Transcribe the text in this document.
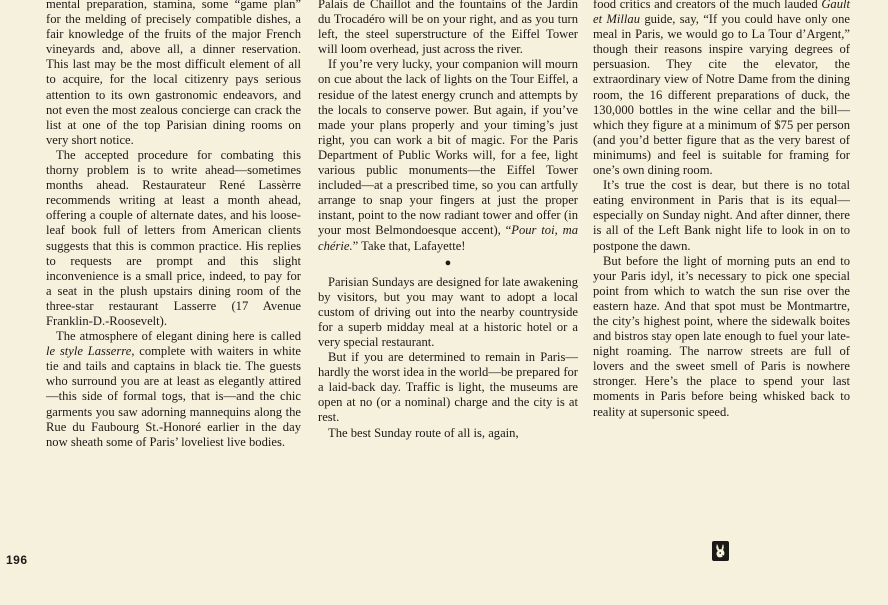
mental preparation, stamina, some “game plan” for the melding of precisely compatible dishes, a fair knowledge of the fruits of the major French vineyards and, above all, a dinner reservation. This last may be the most difficult element of all to acquire, for the local citizenry pays serious attention to its own gastronomic endeavors, and not even the most zealous concierge can crack the list at one of the top Parisian dining rooms on very short notice.

The accepted procedure for combating this thorny problem is to write ahead—sometimes months ahead. Restaurateur René Lassèrre recommends writing at least a month ahead, offering a couple of alternate dates, and his loose-leaf book full of letters from American clients suggests that this is common practice. His replies to requests are prompt and this slight inconvenience is a small price, indeed, to pay for a seat in the plush upstairs dining room of the three-star restaurant Lasserre (17 Avenue Franklin-D.-Roosevelt).

The atmosphere of elegant dining here is called le style Lasserre, complete with waiters in white tie and tails and captains in black tie. The guests who surround you are at least as elegantly attired—this side of formal togs, that is—and the chic garments you saw adorning mannequins along the Rue du Faubourg St.-Honoré earlier in the day now sheath some of Paris’ loveliest live bodies.

Palais de Chaillot and the fountains of the Jardin du Trocadéro will be on your right, and as you turn left, the steel superstructure of the Eiffel Tower will loom overhead, just across the river.

If you’re very lucky, your companion will mourn on cue about the lack of lights on the Tour Eiffel, a residue of the latest energy crunch and attempts by the locals to conserve power. But again, if you’ve made your plans properly and your timing’s just right, you can work a bit of magic. For the Paris Department of Public Works will, for a fee, light various public monuments—the Eiffel Tower included—at a prescribed time, so you can artfully arrange to snap your fingers at just the proper instant, point to the now radiant tower and offer (in your most Belmondoesque accent), “Pour toi, ma chérie.” Take that, Lafayette!

●

Parisian Sundays are designed for late awakening by visitors, but you may want to adopt a local custom of driving out into the nearby countryside for a superb midday meal at a historic hotel or a very special restaurant.

But if you are determined to remain in Paris—hardly the worst idea in the world—be prepared for a laid-back day. Traffic is light, the museums are open at no (or a nominal) charge and the city is at rest.

The best Sunday route of all is, again,

food critics and creators of the much lauded Gault et Millau guide, say, “If you could have only one meal in Paris, we would go to La Tour d’Argent,” though their reasons inspire varying degrees of persuasion. They cite the elevator, the extraordinary view of Notre Dame from the dining room, the 16 different preparations of duck, the 130,000 bottles in the wine cellar and the bill—which they figure at a minimum of $75 per person (and you’d better figure that as the very barest of minimums) and feel is suitable for framing for one’s own dining room.

It’s true the cost is dear, but there is no total eating environment in Paris that is its equal—especially on Sunday night. And after dinner, there is all of the Left Bank night life to look in on to postpone the dawn.

But before the light of morning puts an end to your Paris idyl, it’s necessary to pick one special point from which to watch the sun rise over the eastern haze. And that spot must be Montmartre, the city’s highest point, where the sidewalk boites and bistros stay open late enough to fuel your late-night roaming. The narrow streets are full of lovers and the sweet smell of Paris is nowhere stronger. Here’s the place to spend your last moments in Paris before being whisked back to reality at supersonic speed.

196
